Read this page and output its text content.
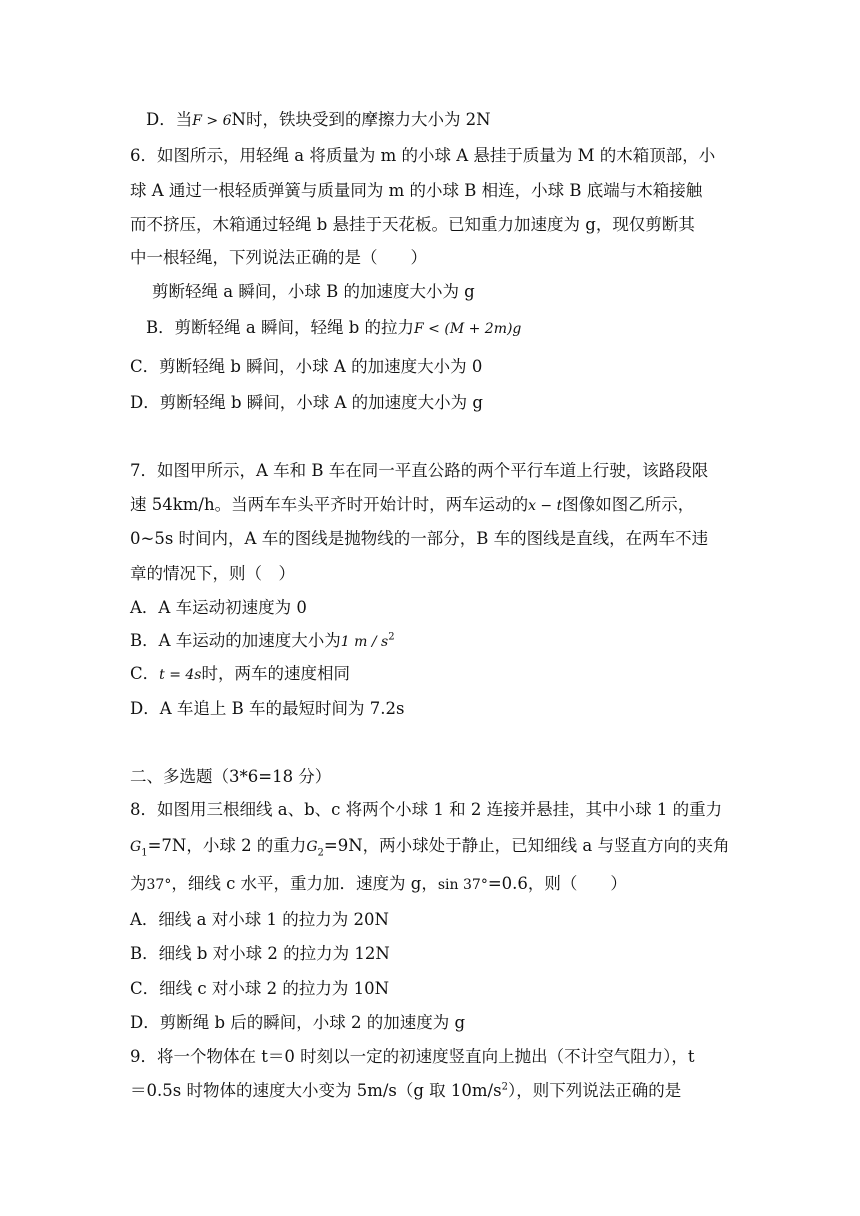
D．当F > 6N时，铁块受到的摩擦力大小为 2N
6．如图所示，用轻绳 a 将质量为 m 的小球 A 悬挂于质量为 M 的木箱顶部，小
球 A 通过一根轻质弹簧与质量同为 m 的小球 B 相连，小球 B 底端与木箱接触
而不挤压，木箱通过轻绳 b 悬挂于天花板。已知重力加速度为 g，现仅剪断其
中一根轻绳，下列说法正确的是（　　）
剪断轻绳 a 瞬间，小球 B 的加速度大小为 g
B．剪断轻绳 a 瞬间，轻绳 b 的拉力F < (M + 2m)g
C．剪断轻绳 b 瞬间，小球 A 的加速度大小为 0
D．剪断轻绳 b 瞬间，小球 A 的加速度大小为 g
7．如图甲所示，A 车和 B 车在同一平直公路的两个平行车道上行驶，该路段限
速 54km/h。当两车车头平齐时开始计时，两车运动的x − t图像如图乙所示，
0~5s 时间内，A 车的图线是抛物线的一部分，B 车的图线是直线，在两车不违
章的情况下，则（　）
A．A 车运动初速度为 0
B．A 车运动的加速度大小为1 m / $s^2$
C．t = 4s时，两车的速度相同
D．A 车追上 B 车的最短时间为 7.2s
二、多选题（3*6=18 分）
8．如图用三根细线 a、b、c 将两个小球 1 和 2 连接并悬挂，其中小球 1 的重力
$G_1=7N$，小球 2 的重力$G_2=9N$，两小球处于静止，已知细线 a 与竖直方向的夹角
为37°，细线 c 水平，重力加．速度为 g，sin 37°=0.6，则（　　）
A．细线 a 对小球 1 的拉力为 20N
B．细线 b 对小球 2 的拉力为 12N
C．细线 c 对小球 2 的拉力为 10N
D．剪断绳 b 后的瞬间，小球 2 的加速度为 g
9．将一个物体在 t＝0 时刻以一定的初速度竖直向上抛出（不计空气阻力），t
＝0.5s 时物体的速度大小变为 5m/s（g 取 $10m/s^2$），则下列说法正确的是
